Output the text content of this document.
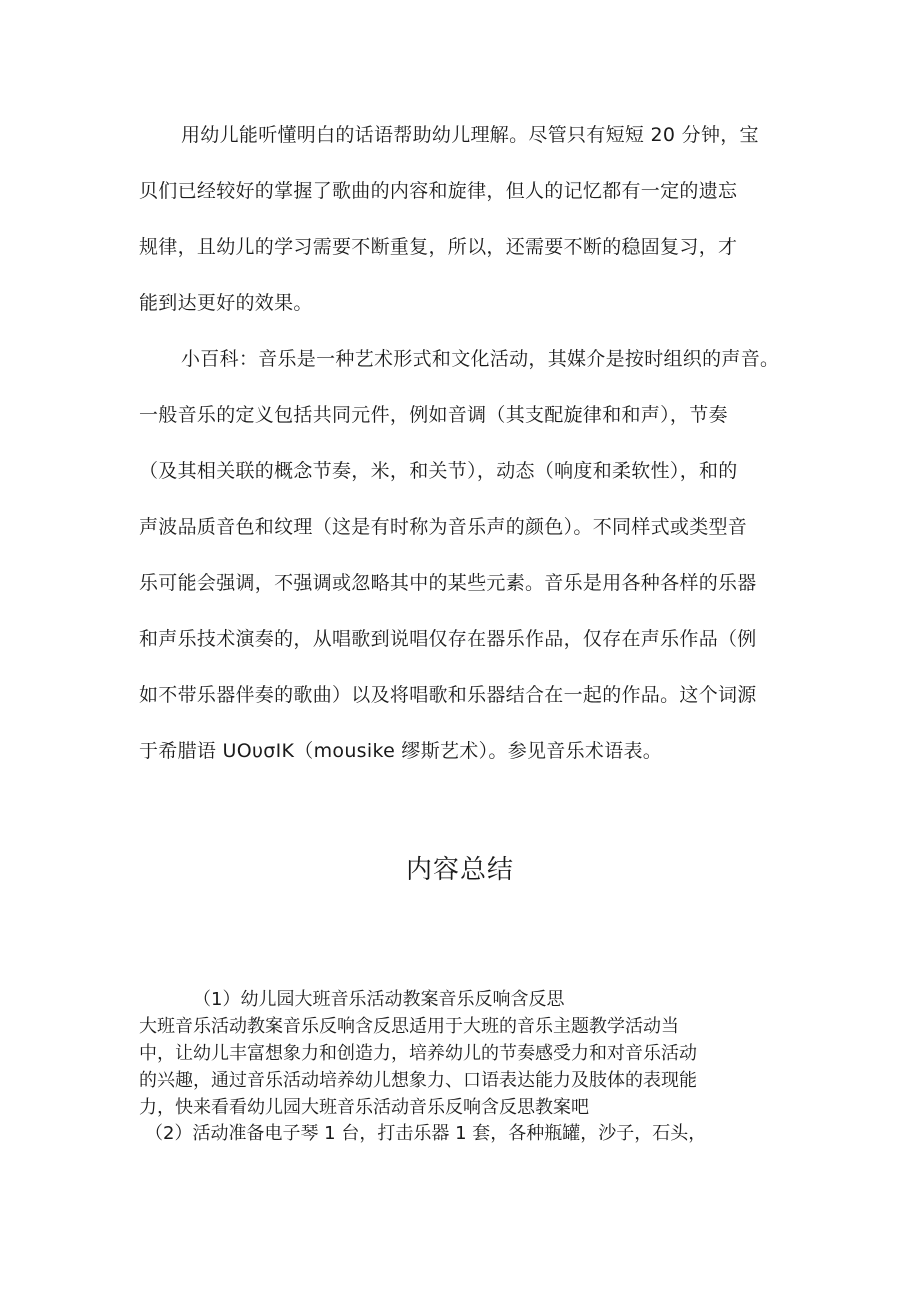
用幼儿能听懂明白的话语帮助幼儿理解。尽管只有短短 20 分钟，宝
贝们已经较好的掌握了歌曲的内容和旋律，但人的记忆都有一定的遗忘
规律，且幼儿的学习需要不断重复，所以，还需要不断的稳固复习，才
能到达更好的效果。
小百科：音乐是一种艺术形式和文化活动，其媒介是按时组织的声音。
一般音乐的定义包括共同元件，例如音调（其支配旋律和和声），节奏
（及其相关联的概念节奏，米，和关节），动态（响度和柔软性），和的
声波品质音色和纹理（这是有时称为音乐声的颜色）。不同样式或类型音
乐可能会强调，不强调或忽略其中的某些元素。音乐是用各种各样的乐器
和声乐技术演奏的，从唱歌到说唱仅存在器乐作品，仅存在声乐作品（例
如不带乐器伴奏的歌曲）以及将唱歌和乐器结合在一起的作品。这个词源
于希腊语 UOυσIK（mousike 缪斯艺术）。参见音乐术语表。
内容总结
（1）幼儿园大班音乐活动教案音乐反响含反思
大班音乐活动教案音乐反响含反思适用于大班的音乐主题教学活动当
中，让幼儿丰富想象力和创造力，培养幼儿的节奏感受力和对音乐活动
的兴趣，通过音乐活动培养幼儿想象力、口语表达能力及肢体的表现能
力，快来看看幼儿园大班音乐活动音乐反响含反思教案吧
（2）活动准备电子琴 1 台，打击乐器 1 套，各种瓶罐，沙子，石头，
